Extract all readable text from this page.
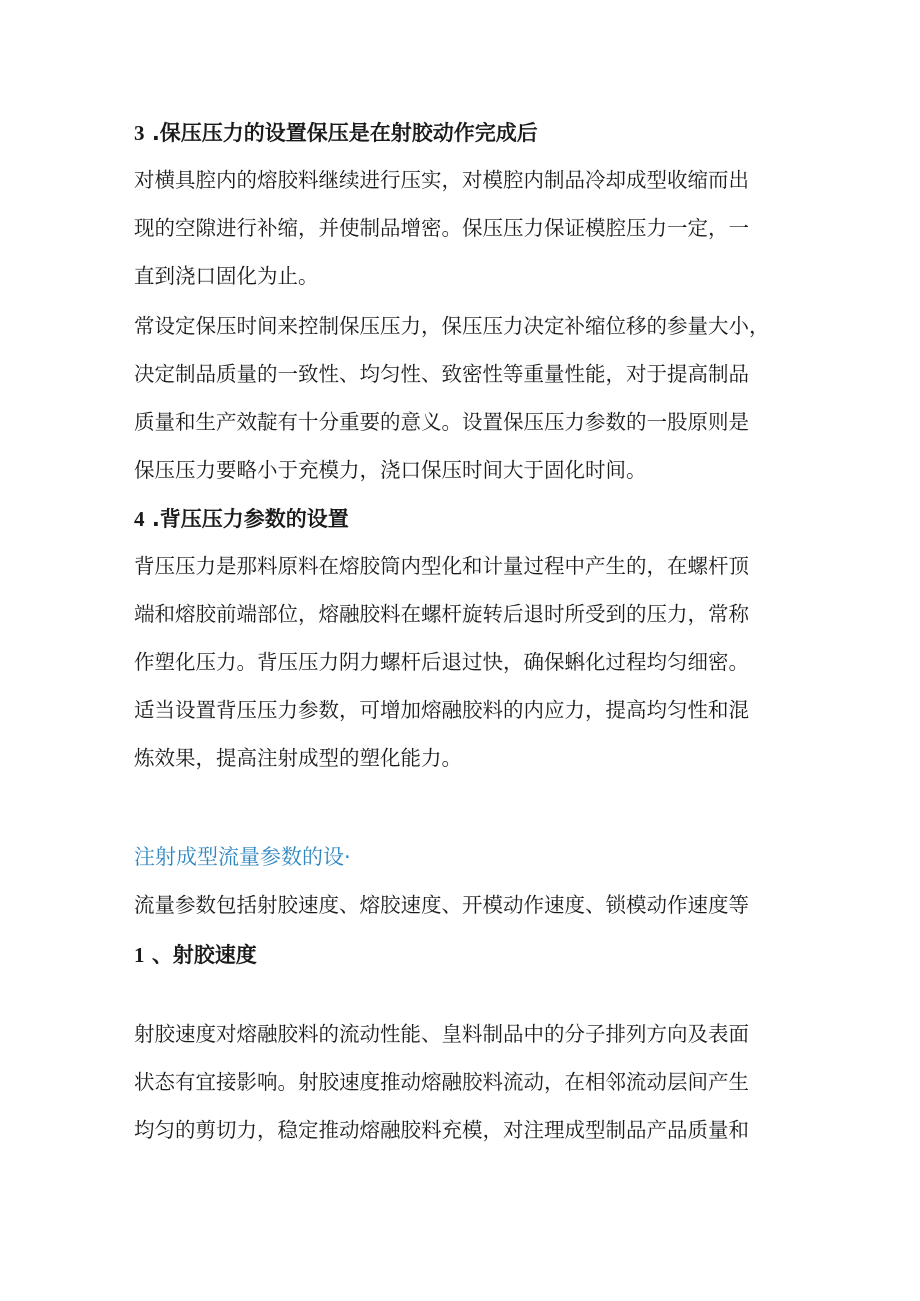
3 .保压压力的设置保压是在射胶动作完成后
对横具腔内的熔胶料继续进行压实，对模腔内制品冷却成型收缩而出
现的空隙进行补缩，并使制品增密。保压压力保证模腔压力一定，一
直到浇口固化为止。
常设定保压时间来控制保压压力，保压压力决定补缩位移的参量大小，
决定制品质量的一致性、均匀性、致密性等重量性能，对于提高制品
质量和生产效靛有十分重要的意义。设置保压压力参数的一股原则是
保压压力要略小于充模力，浇口保压时间大于固化时间。
4 .背压压力参数的设置
背压压力是那料原料在熔胶筒内型化和计量过程中产生的，在螺杆顶
端和熔胶前端部位，熔融胶料在螺杆旋转后退时所受到的压力，常称
作塑化压力。背压压力阴力螺杆后退过快，确保蝌化过程均匀细密。
适当设置背压压力参数，可增加熔融胶料的内应力，提高均匀性和混
炼效果，提高注射成型的塑化能力。
注射成型流量参数的设·
流量参数包括射胶速度、熔胶速度、开模动作速度、锁模动作速度等
1 、射胶速度
射胶速度对熔融胶料的流动性能、皇料制品中的分子排列方向及表面
状态有宜接影响。射胶速度推动熔融胶料流动，在相邻流动层间产生
均匀的剪切力，稳定推动熔融胶料充模，对注理成型制品产品质量和
